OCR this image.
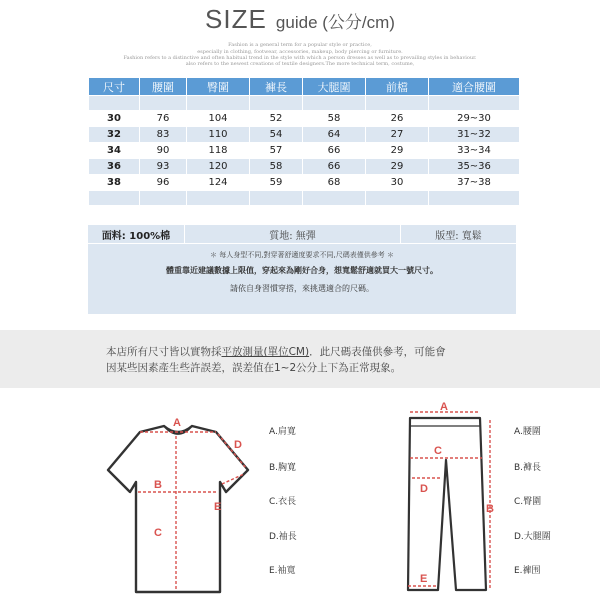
SIZE guide (公分/cm)
Fashion is a general term for a popular style or practice,
especially in clothing, footwear, accessories, makeup, body piercing or furniture.
Fashion refers to a distinctive and often habitual trend in the style with which a person dresses as well as to prevailing styles in behaviour.
also refers to the newest creations of textile designers.The more technical term, costume,
尺寸	腰圍	臀圍	褲長	大腿圍	前檔	適合腰圍

30	76	104	52	58	26	29~30
32	83	110	54	64	27	31~32
34	90	118	57	66	29	33~34
36	93	120	58	66	29	35~36
38	96	124	59	68	30	37~38

面料: 100%棉	質地: 無彈	版型: 寬鬆
＊ 每人身型不同,對穿著舒適度要求不同,尺碼表僅供參考 ＊
體重靠近建議數據上限值，穿起來為剛好合身，想寬鬆舒適就買大一號尺寸。
請依自身習慣穿搭，來挑選適合的尺碼。
本店所有尺寸皆以實物採平放測量(單位CM)．此尺碼表僅供參考，可能會
因某些因素產生些許誤差，誤差值在1~2公分上下為正常現象。
A
B
C
D
E
A.肩寬
B.胸寬
C.衣長
D.袖長
E.袖寬
A
B
C
D
E
A.腰圍
B.褲長
C.臀圍
D.大腿圍
E.褲围
